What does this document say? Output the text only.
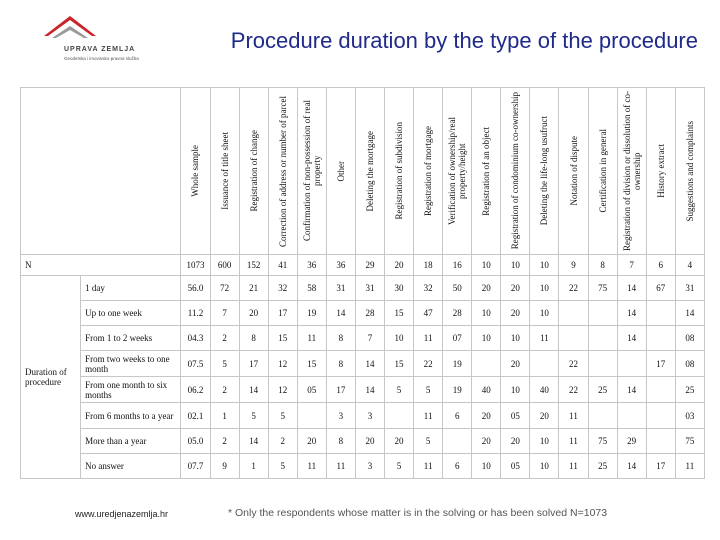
UPRAVA ZEMLJA
Geodetska i imovinsko-pravna služba
Procedure duration by the type of the procedure

		Whole sample	Issuance of title sheet	Registration of change	Correction of address or number of parcel	Confirmation of non-possession of real property	Other	Deleting the mortgage	Registration of subdivision	Registration of mortgage	Verification of ownership/real property/height	Registration of an object	Registration of condominium co-ownership	Deleting the life-long usufruct	Notation of dispute	Certification in general	Registration of division or dissolution of co-ownership	History extract	Suggestions and complaints

N		1073	600	152	41	36	36	29	20	18	16	10	10	10	9	8	7	6	4
Duration of procedure	1 day	56.0	72	21	32	58	31	31	30	32	50	20	20	10	22	75	14	67	31
	Up to one week	11.2	7	20	17	19	14	28	15	47	28	10	20	10			14		14
	From 1 to 2 weeks	04.3	2	8	15	11	8	7	10	11	07	10	10	11			14		08
	From two weeks to one month	07.5	5	17	12	15	8	14	15	22	19		20		22			17	08
	From one month to six months	06.2	2	14	12	05	17	14	5	5	19	40	10	40	22	25	14		25
	From 6 months to a year	02.1	1	5	5		3	3		11	6	20	05	20	11				03
	More than a year	05.0	2	14	2	20	8	20	20	5		20	20	10	11	75	29		75
	No answer	07.7	9	1	5	11	11	3	5	11	6	10	05	10	11	25	14	17	11
www.uredjenazemlja.hr	* Only the respondents whose matter is in the solving or has been solved N=1073
